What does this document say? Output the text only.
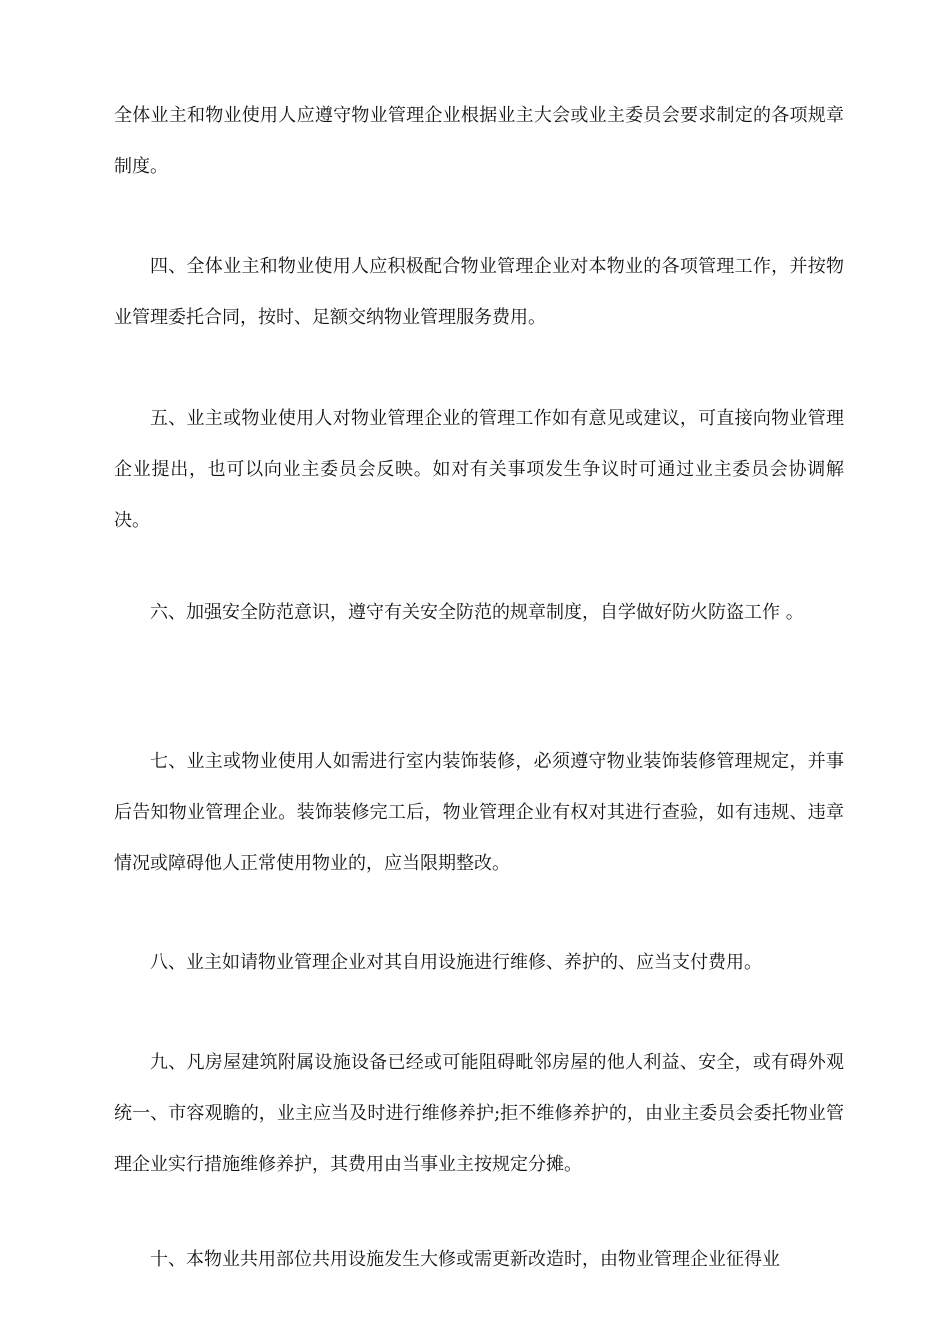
全体业主和物业使用人应遵守物业管理企业根据业主大会或业主委员会要求制定的各项规章制度。

四、全体业主和物业使用人应积极配合物业管理企业对本物业的各项管理工作，并按物业管理委托合同，按时、足额交纳物业管理服务费用。

五、业主或物业使用人对物业管理企业的管理工作如有意见或建议，可直接向物业管理企业提出，也可以向业主委员会反映。如对有关事项发生争议时可通过业主委员会协调解决。

六、加强安全防范意识，遵守有关安全防范的规章制度，自学做好防火防盗工作 。

七、业主或物业使用人如需进行室内装饰装修，必须遵守物业装饰装修管理规定，并事后告知物业管理企业。装饰装修完工后，物业管理企业有权对其进行查验，如有违规、违章情况或障碍他人正常使用物业的，应当限期整改。

八、业主如请物业管理企业对其自用设施进行维修、养护的、应当支付费用。

九、凡房屋建筑附属设施设备已经或可能阻碍毗邻房屋的他人利益、安全，或有碍外观统一、市容观瞻的，业主应当及时进行维修养护;拒不维修养护的，由业主委员会委托物业管理企业实行措施维修养护，其费用由当事业主按规定分摊。

十、本物业共用部位共用设施发生大修或需更新改造时，由物业管理企业征得业
